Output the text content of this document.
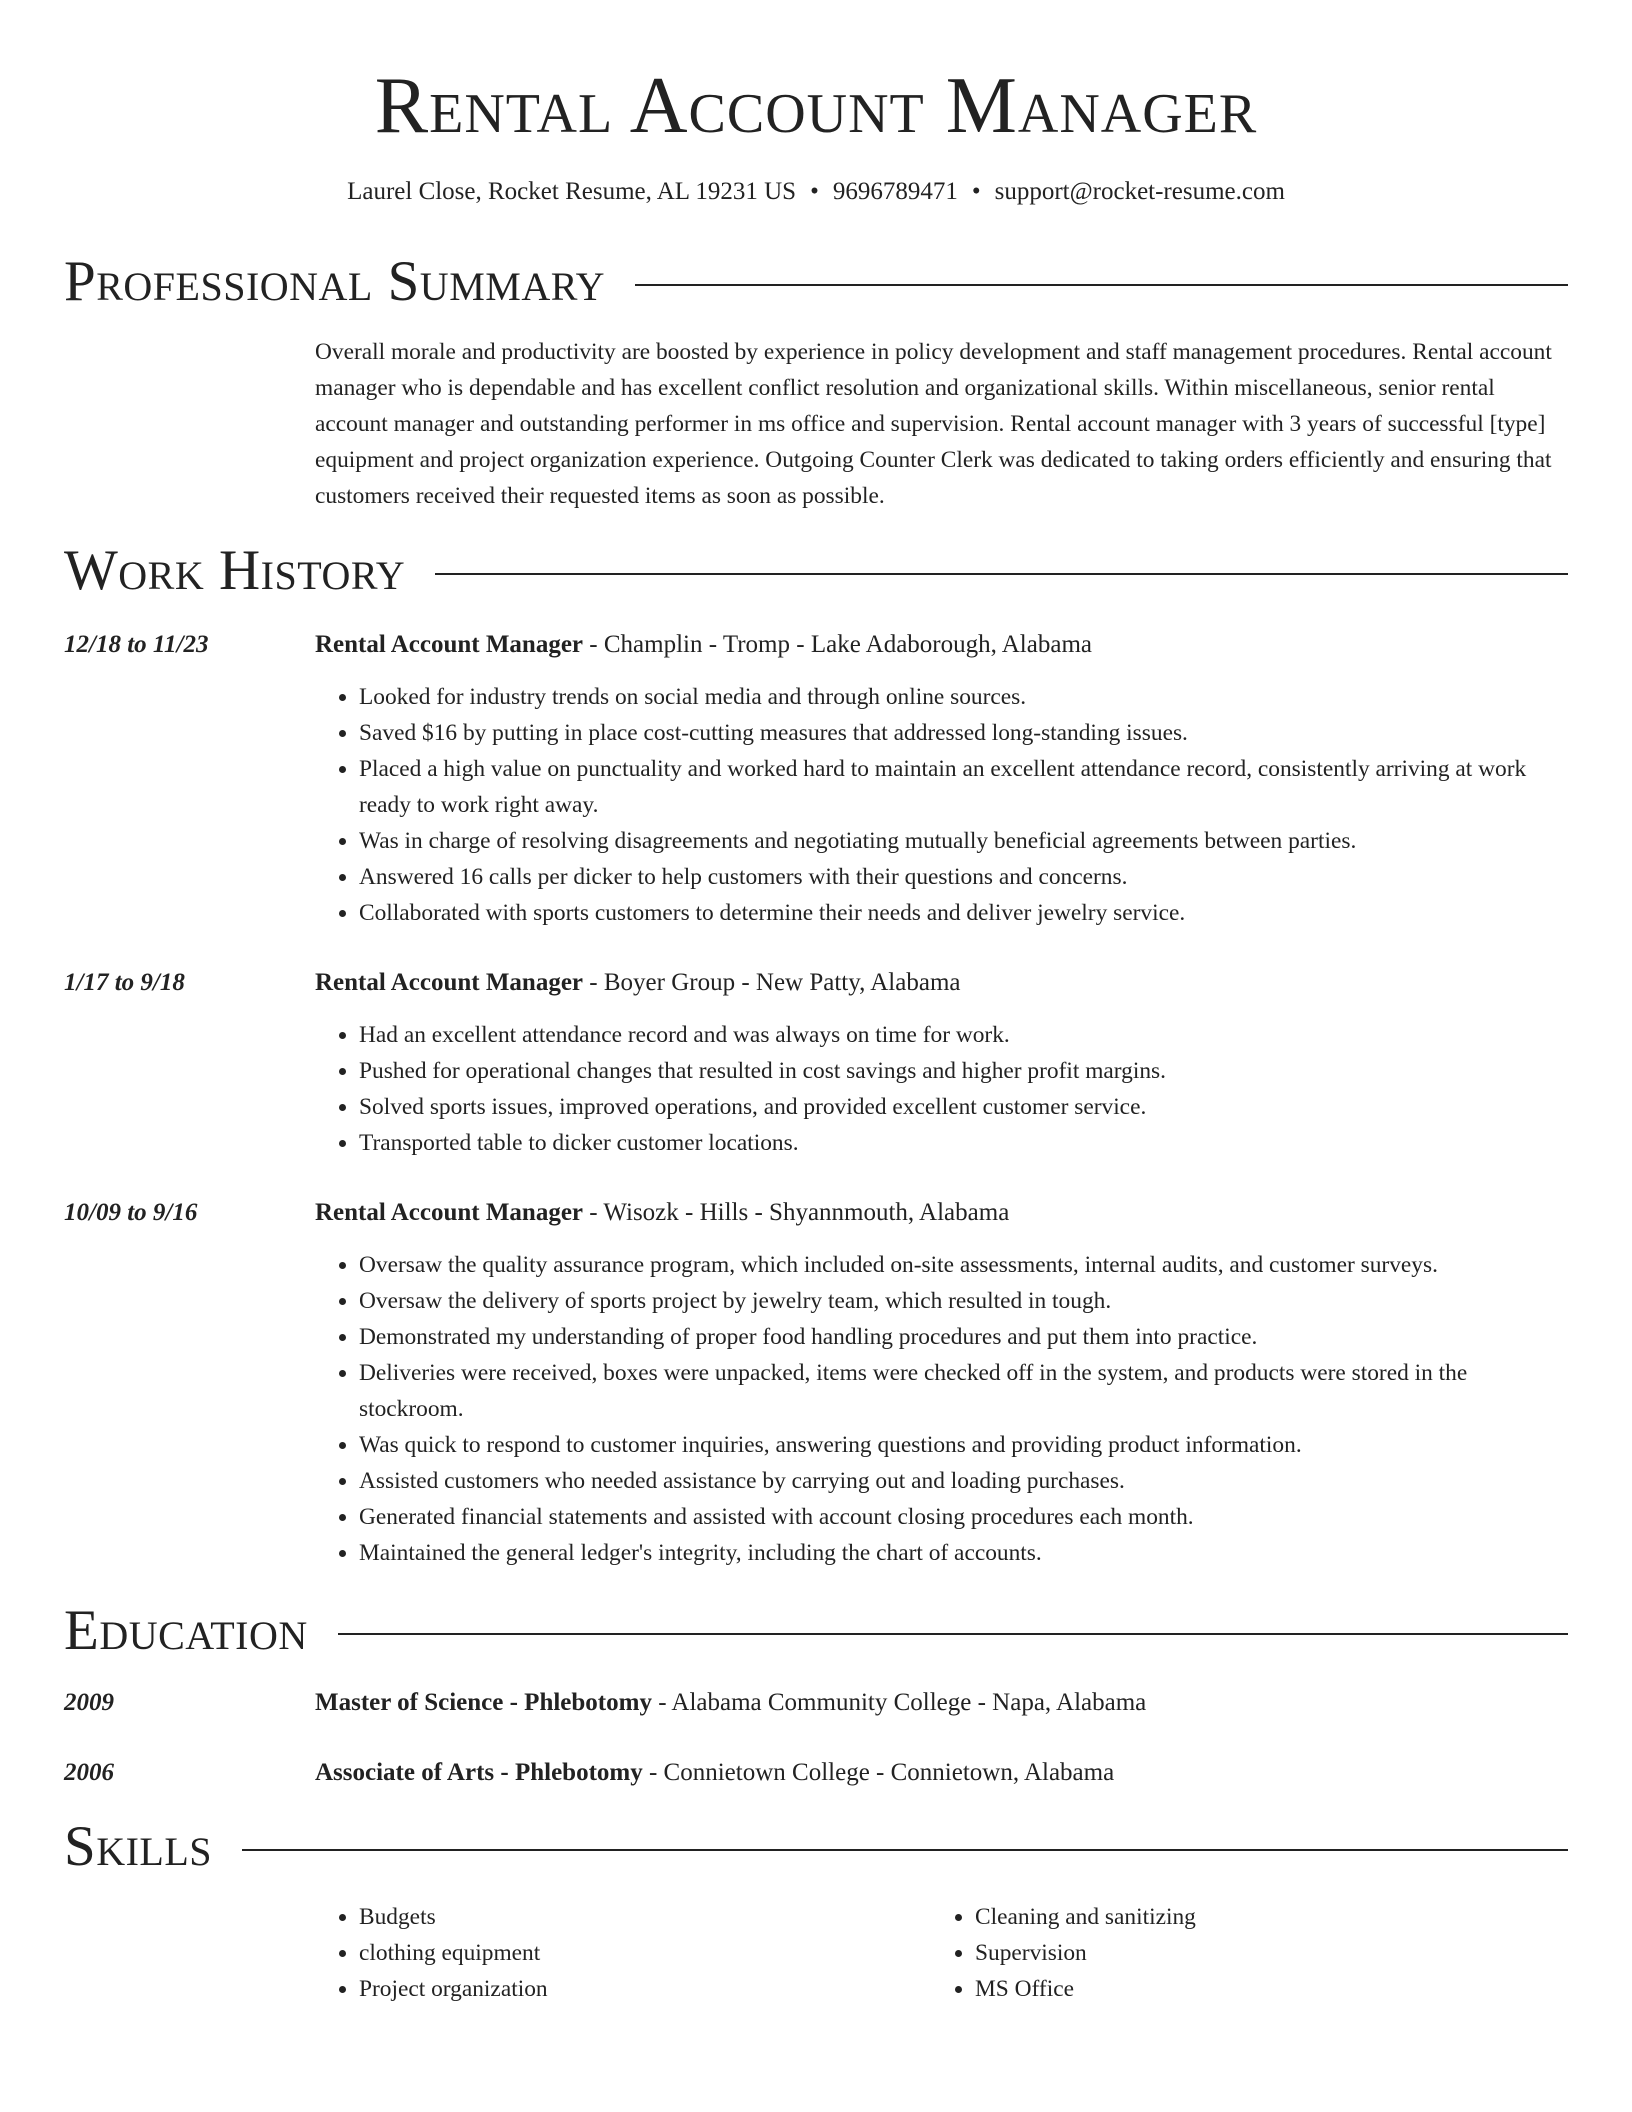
Rental Account Manager
Laurel Close, Rocket Resume, AL 19231 US • 9696789471 • support@rocket-resume.com
Professional Summary

Overall morale and productivity are boosted by experience in policy development and staff management procedures. Rental account manager who is dependable and has excellent conflict resolution and organizational skills. Within miscellaneous, senior rental account manager and outstanding performer in ms office and supervision. Rental account manager with 3 years of successful [type] equipment and project organization experience. Outgoing Counter Clerk was dedicated to taking orders efficiently and ensuring that customers received their requested items as soon as possible.

Work History
12/18 to 11/23	Rental Account Manager - Champlin - Tromp - Lake Adaborough, Alabama
• Looked for industry trends on social media and through online sources.
• Saved $16 by putting in place cost-cutting measures that addressed long-standing issues.
• Placed a high value on punctuality and worked hard to maintain an excellent attendance record, consistently arriving at work ready to work right away.
• Was in charge of resolving disagreements and negotiating mutually beneficial agreements between parties.
• Answered 16 calls per dicker to help customers with their questions and concerns.
• Collaborated with sports customers to determine their needs and deliver jewelry service.
1/17 to 9/18	Rental Account Manager - Boyer Group - New Patty, Alabama
• Had an excellent attendance record and was always on time for work.
• Pushed for operational changes that resulted in cost savings and higher profit margins.
• Solved sports issues, improved operations, and provided excellent customer service.
• Transported table to dicker customer locations.
10/09 to 9/16	Rental Account Manager - Wisozk - Hills - Shyannmouth, Alabama
• Oversaw the quality assurance program, which included on-site assessments, internal audits, and customer surveys.
• Oversaw the delivery of sports project by jewelry team, which resulted in tough.
• Demonstrated my understanding of proper food handling procedures and put them into practice.
• Deliveries were received, boxes were unpacked, items were checked off in the system, and products were stored in the stockroom.
• Was quick to respond to customer inquiries, answering questions and providing product information.
• Assisted customers who needed assistance by carrying out and loading purchases.
• Generated financial statements and assisted with account closing procedures each month.
• Maintained the general ledger's integrity, including the chart of accounts.
Education
2009	Master of Science - Phlebotomy - Alabama Community College - Napa, Alabama
2006	Associate of Arts - Phlebotomy - Connietown College - Connietown, Alabama
Skills
• Budgets
• clothing equipment
• Project organization
• Cleaning and sanitizing
• Supervision
• MS Office
